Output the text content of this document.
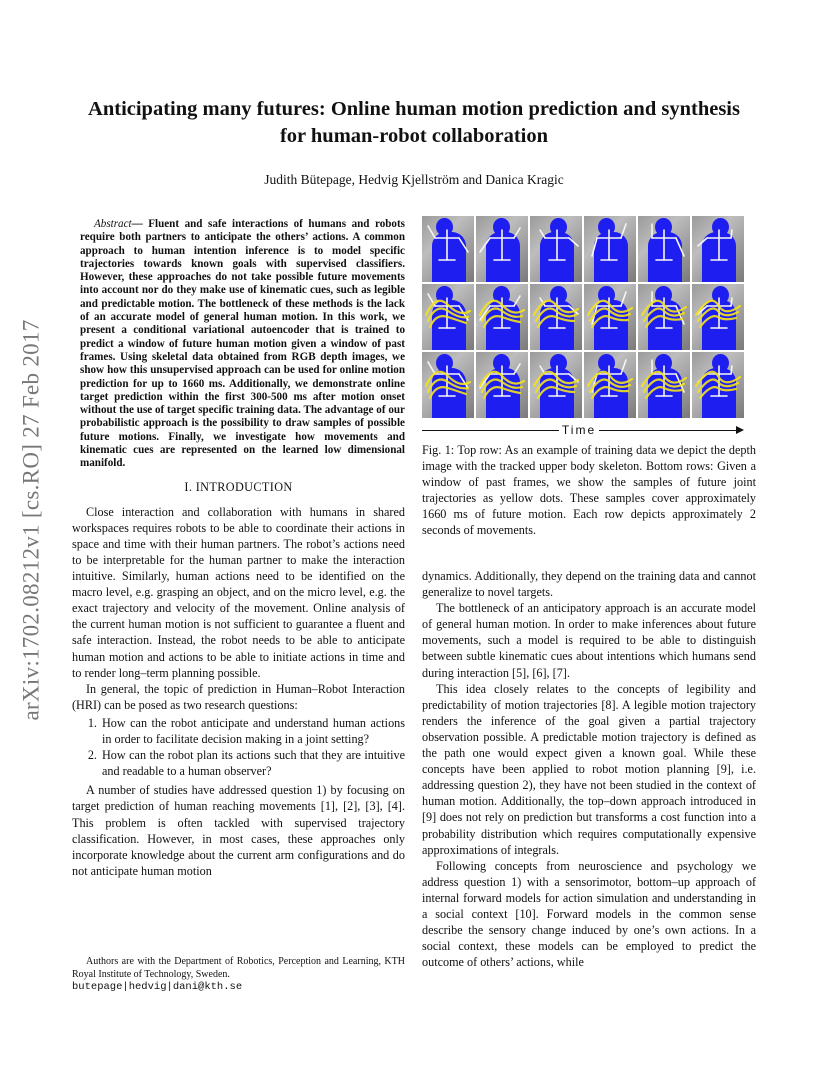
arXiv:1702.08212v1 [cs.RO] 27 Feb 2017
Anticipating many futures: Online human motion prediction and synthesis for human-robot collaboration
Judith Bütepage, Hedvig Kjellström and Danica Kragic

Abstract— Fluent and safe interactions of humans and robots require both partners to anticipate the others’ actions. A common approach to human intention inference is to model specific trajectories towards known goals with supervised classifiers. However, these approaches do not take possible future movements into account nor do they make use of kinematic cues, such as legible and predictable motion. The bottleneck of these methods is the lack of an accurate model of general human motion. In this work, we present a conditional variational autoencoder that is trained to predict a window of future human motion given a window of past frames. Using skeletal data obtained from RGB depth images, we show how this unsupervised approach can be used for online motion prediction for up to 1660 ms. Additionally, we demonstrate online target prediction within the first 300-500 ms after motion onset without the use of target specific training data. The advantage of our probabilistic approach is the possibility to draw samples of possible future motions. Finally, we investigate how movements and kinematic cues are represented on the learned low dimensional manifold.

I. INTRODUCTION

Close interaction and collaboration with humans in shared workspaces requires robots to be able to coordinate their actions in space and time with their human partners. The robot’s actions need to be interpretable for the human partner to make the interaction intuitive. Similarly, human actions need to be identified on the macro level, e.g. grasping an object, and on the micro level, e.g. the exact trajectory and velocity of the movement. Online analysis of the current human motion is not sufficient to guarantee a fluent and safe interaction. Instead, the robot needs to be able to anticipate human motion and actions to be able to initiate actions in time and to render long–term planning possible.

In general, the topic of prediction in Human–Robot Interaction (HRI) can be posed as two research questions:

1. How can the robot anticipate and understand human actions in order to facilitate decision making in a joint setting?
2. How can the robot plan its actions such that they are intuitive and readable to a human observer?

A number of studies have addressed question 1) by focusing on target prediction of human reaching movements [1], [2], [3], [4]. This problem is often tackled with supervised trajectory classification. However, in most cases, these approaches only incorporate knowledge about the current arm configurations and do not anticipate human motion

Authors are with the Department of Robotics, Perception and Learning, KTH Royal Institute of Technology, Sweden.
butepage|hedvig|dani@kth.se
Time
Fig. 1: Top row: As an example of training data we depict the depth image with the tracked upper body skeleton. Bottom rows: Given a window of past frames, we show the samples of future joint trajectories as yellow dots. These samples cover approximately 1660 ms of future motion. Each row depicts approximately 2 seconds of movements.

dynamics. Additionally, they depend on the training data and cannot generalize to novel targets.

The bottleneck of an anticipatory approach is an accurate model of general human motion. In order to make inferences about future movements, such a model is required to be able to distinguish between subtle kinematic cues about intentions which humans send during interaction [5], [6], [7].

This idea closely relates to the concepts of legibility and predictability of motion trajectories [8]. A legible motion trajectory renders the inference of the goal given a partial trajectory observation possible. A predictable motion trajectory is defined as the path one would expect given a known goal. While these concepts have been applied to robot motion planning [9], i.e. addressing question 2), they have not been studied in the context of human motion. Additionally, the top–down approach introduced in [9] does not rely on prediction but transforms a cost function into a probability distribution which requires computationally expensive approximations of integrals.

Following concepts from neuroscience and psychology we address question 1) with a sensorimotor, bottom–up approach of internal forward models for action simulation and understanding in a social context [10]. Forward models in the common sense describe the sensory change induced by one’s own actions. In a social context, these models can be employed to predict the outcome of others’ actions, while
